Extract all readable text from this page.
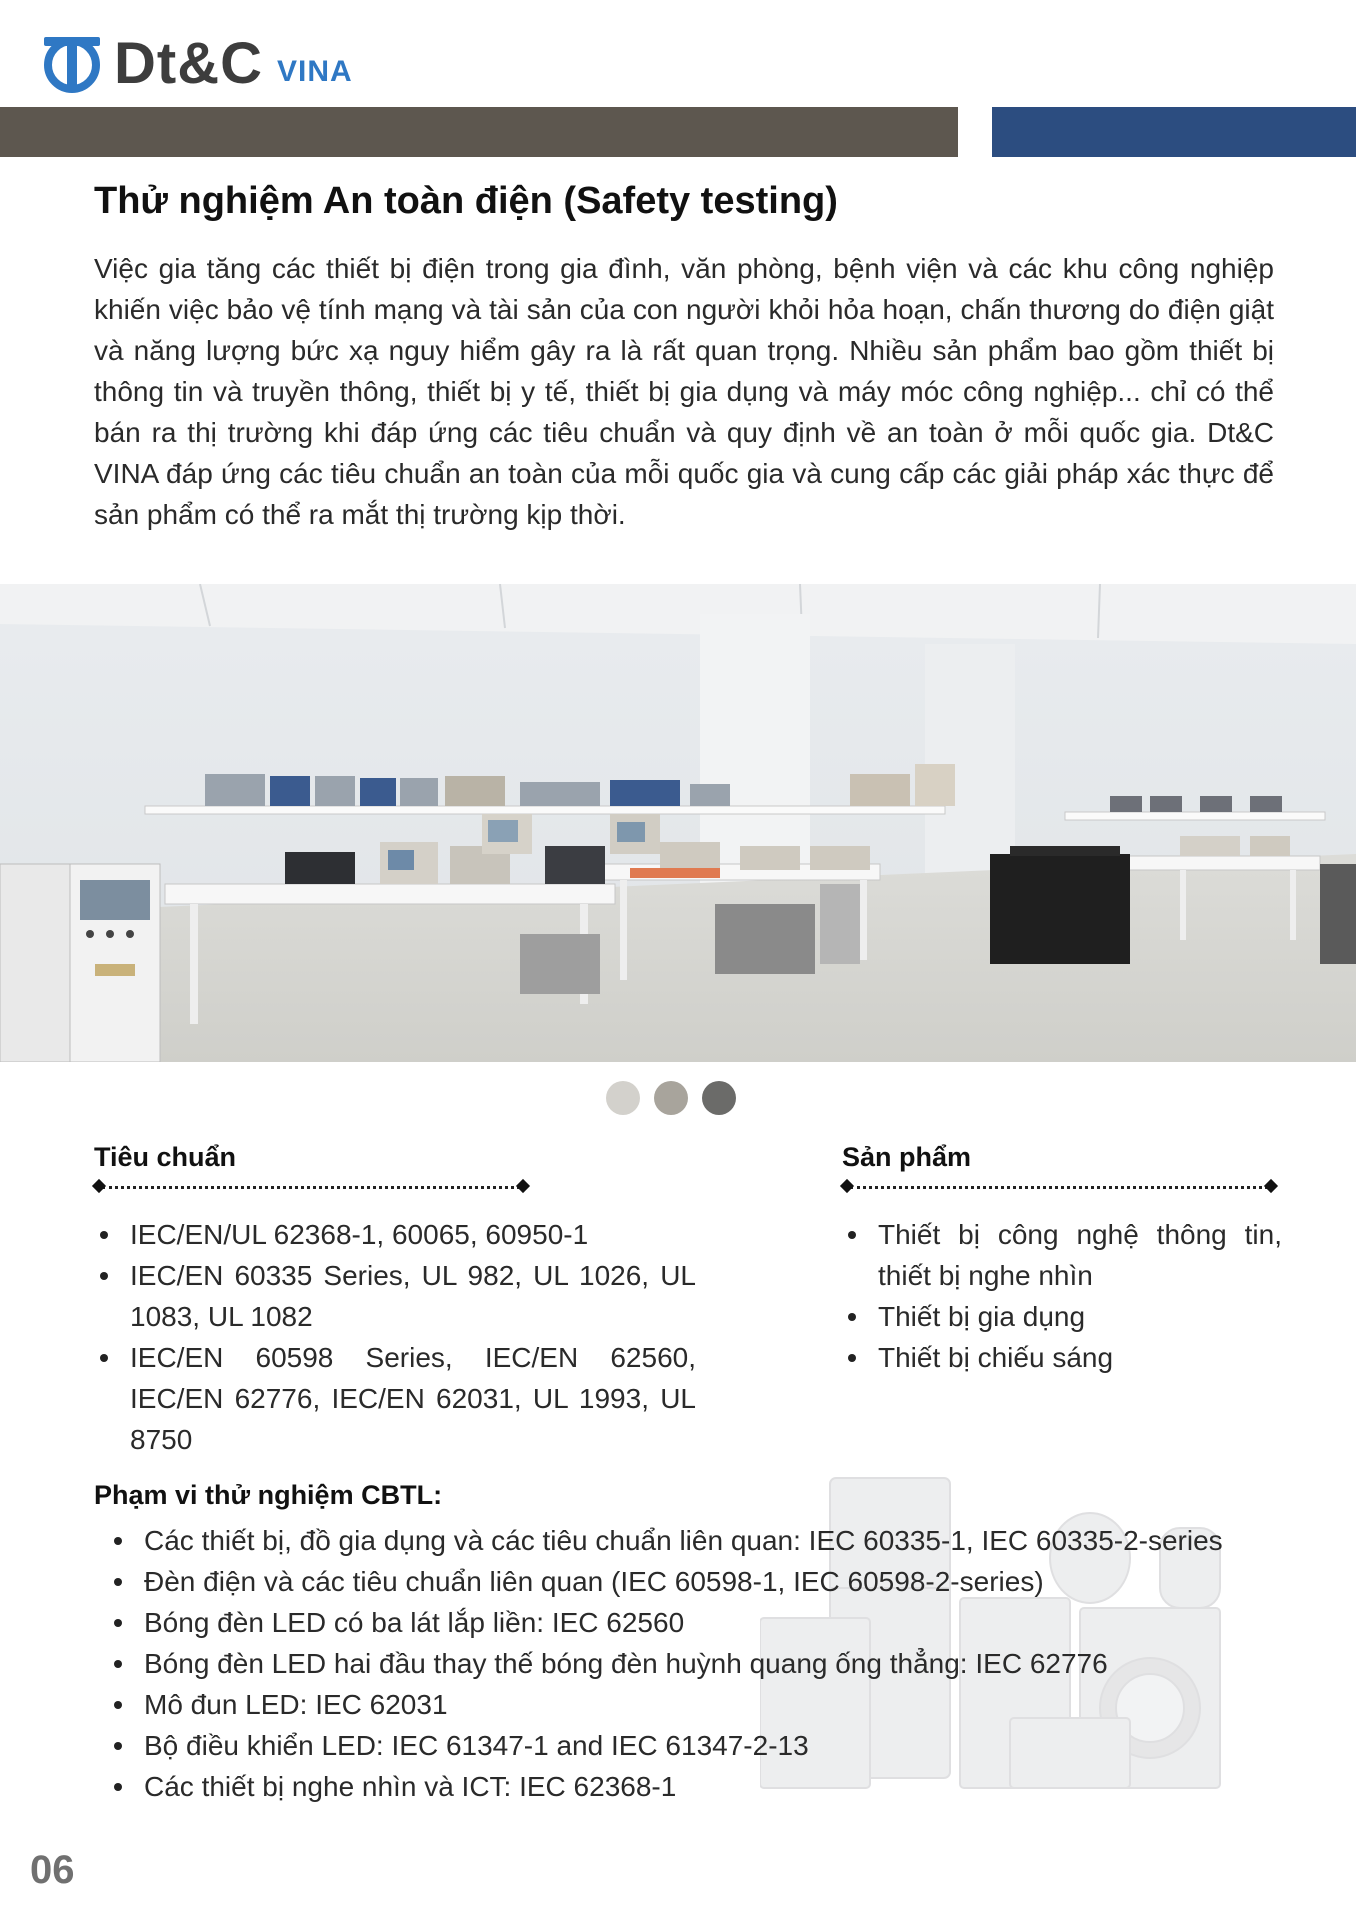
Dt&C VINA
Thử nghiệm An toàn điện (Safety testing)
Việc gia tăng các thiết bị điện trong gia đình, văn phòng, bệnh viện và các khu công nghiệp khiến việc bảo vệ tính mạng và tài sản của con người khỏi hỏa hoạn, chấn thương do điện giật và năng lượng bức xạ nguy hiểm gây ra là rất quan trọng. Nhiều sản phẩm bao gồm thiết bị thông tin và truyền thông, thiết bị y tế, thiết bị gia dụng và máy móc công nghiệp... chỉ có thể bán ra thị trường khi đáp ứng các tiêu chuẩn và quy định về an toàn ở mỗi quốc gia. Dt&C VINA đáp ứng các tiêu chuẩn an toàn của mỗi quốc gia và cung cấp các giải pháp xác thực để sản phẩm có thể ra mắt thị trường kịp thời.
Tiêu chuẩn
IEC/EN/UL 62368-1, 60065, 60950-1
IEC/EN 60335 Series, UL 982, UL 1026, UL 1083, UL 1082
IEC/EN 60598 Series, IEC/EN 62560, IEC/EN 62776, IEC/EN 62031, UL 1993, UL 8750
Sản phẩm
Thiết bị công nghệ thông tin, thiết bị nghe nhìn
Thiết bị gia dụng
Thiết bị chiếu sáng
Phạm vi thử nghiệm CBTL:
Các thiết bị, đồ gia dụng và các tiêu chuẩn liên quan: IEC 60335-1, IEC 60335-2-series
Đèn điện và các tiêu chuẩn liên quan (IEC 60598-1, IEC 60598-2-series)
Bóng đèn LED có ba lát lắp liền: IEC 62560
Bóng đèn LED hai đầu thay thế bóng đèn huỳnh quang ống thẳng: IEC 62776
Mô đun LED: IEC 62031
Bộ điều khiển LED: IEC 61347-1 and IEC 61347-2-13
Các thiết bị nghe nhìn và ICT: IEC 62368-1
06
